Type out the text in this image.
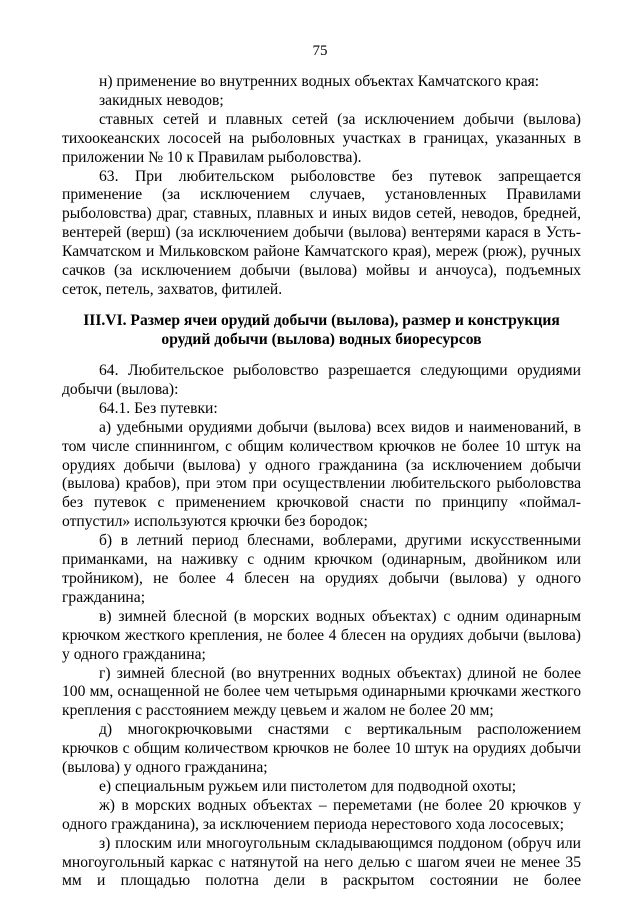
75

н) применение во внутренних водных объектах Камчатского края:

закидных неводов;

ставных сетей и плавных сетей (за исключением добычи (вылова) тихоокеанских лососей на рыболовных участках в границах, указанных в приложении № 10 к Правилам рыболовства).

63. При любительском рыболовстве без путевок запрещается применение (за исключением случаев, установленных Правилами рыболовства) драг, ставных, плавных и иных видов сетей, неводов, бредней, вентерей (верш) (за исключением добычи (вылова) вентерями карася в Усть-Камчатском и Мильковском районе Камчатского края), мереж (рюж), ручных сачков (за исключением добычи (вылова) мойвы и анчоуса), подъемных сеток, петель, захватов, фитилей.

III.VI. Размер ячеи орудий добычи (вылова), размер и конструкция

орудий добычи (вылова) водных биоресурсов

64. Любительское рыболовство разрешается следующими орудиями добычи (вылова):

64.1. Без путевки:

а) удебными орудиями добычи (вылова) всех видов и наименований, в том числе спиннингом, с общим количеством крючков не более 10 штук на орудиях добычи (вылова) у одного гражданина (за исключением добычи (вылова) крабов), при этом при осуществлении любительского рыболовства без путевок с применением крючковой снасти по принципу «поймал-отпустил» используются крючки без бородок;

б) в летний период блеснами, воблерами, другими искусственными приманками, на наживку с одним крючком (одинарным, двойником или тройником), не более 4 блесен на орудиях добычи (вылова) у одного гражданина;

в) зимней блесной (в морских водных объектах) с одним одинарным крючком жесткого крепления, не более 4 блесен на орудиях добычи (вылова) у одного гражданина;

г) зимней блесной (во внутренних водных объектах) длиной не более 100 мм, оснащенной не более чем четырьмя одинарными крючками жесткого крепления с расстоянием между цевьем и жалом не более 20 мм;

д) многокрючковыми снастями с вертикальным расположением крючков с общим количеством крючков не более 10 штук на орудиях добычи (вылова) у одного гражданина;

е) специальным ружьем или пистолетом для подводной охоты;

ж) в морских водных объектах – переметами (не более 20 крючков у одного гражданина), за исключением периода нерестового хода лососевых;

з) плоским или многоугольным складывающимся поддоном (обруч или многоугольный каркас с натянутой на него делью с шагом ячеи не менее 35 мм и площадью полотна дели в раскрытом состоянии не более
